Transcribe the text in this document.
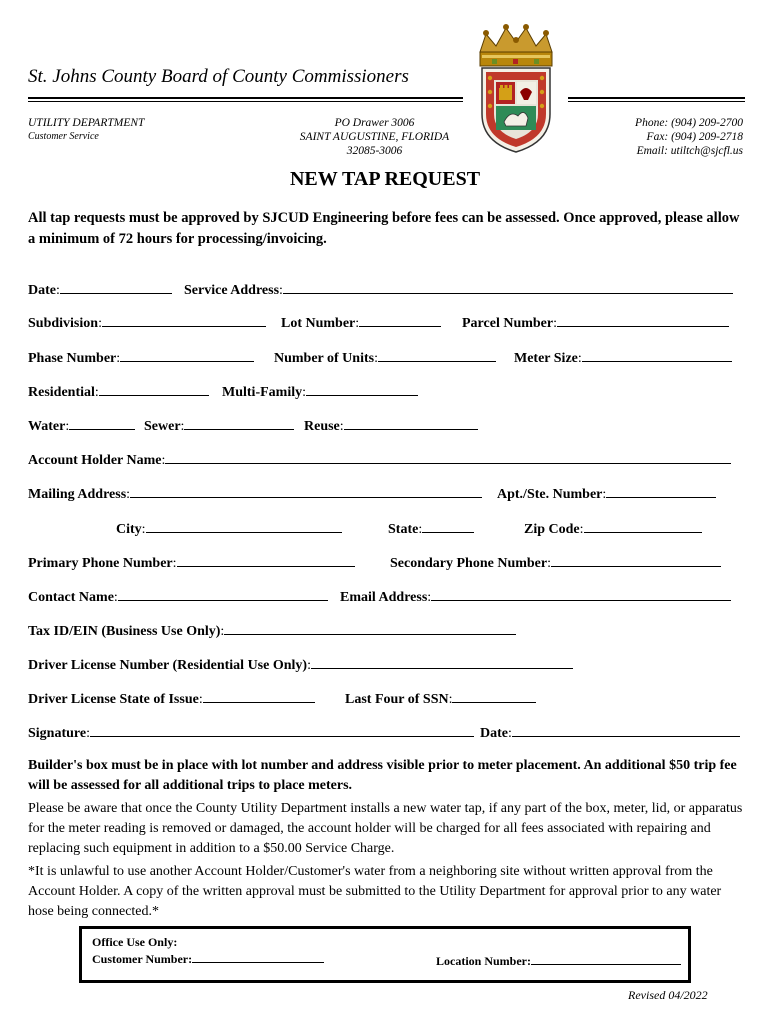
St. Johns County Board of County Commissioners
UTILITY DEPARTMENT
Customer Service
PO Drawer 3006
SAINT AUGUSTINE, FLORIDA
32085-3006
Phone: (904) 209-2700
Fax: (904) 209-2718
Email: utiltch@sjcfl.us
NEW TAP REQUEST
All tap requests must be approved by SJCUD Engineering before fees can be assessed. Once approved, please allow a minimum of 72 hours for processing/invoicing.
Date:	Service Address:
Subdivision:	Lot Number:	Parcel Number:
Phase Number:	Number of Units:	Meter Size:
Residential:	Multi-Family:
Water:	Sewer:	Reuse:
Account Holder Name:
Mailing Address:	Apt./Ste. Number:
City:	State:	Zip Code:
Primary Phone Number:	Secondary Phone Number:
Contact Name:	Email Address:
Tax ID/EIN (Business Use Only):
Driver License Number (Residential Use Only):
Driver License State of Issue:	Last Four of SSN:
Signature:	Date:
Builder's box must be in place with lot number and address visible prior to meter placement. An additional $50 trip fee will be assessed for all additional trips to place meters.
Please be aware that once the County Utility Department installs a new water tap, if any part of the box, meter, lid, or apparatus for the meter reading is removed or damaged, the account holder will be charged for all fees associated with repairing and replacing such equipment in addition to a $50.00 Service Charge.
*It is unlawful to use another Account Holder/Customer's water from a neighboring site without written approval from the Account Holder. A copy of the written approval must be submitted to the Utility Department for approval prior to any water hose being connected.*
Office Use Only:
Customer Number:	Location Number:
Revised 04/2022
